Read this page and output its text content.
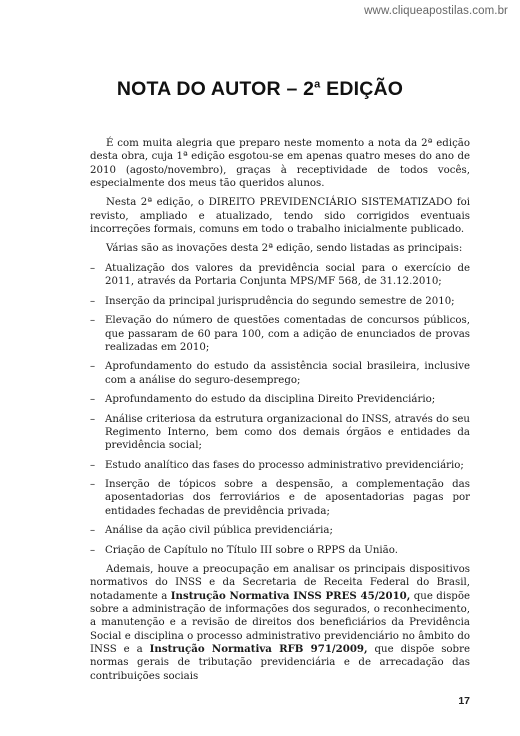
www.cliqueapostilas.com.br
NOTA DO AUTOR – 2$^a$ EDIÇÃO

É com muita alegria que preparo neste momento a nota da 2ª edição desta obra, cuja 1ª edição esgotou-se em apenas quatro meses do ano de 2010 (agosto/novembro), graças à receptividade de todos vocês, especialmente dos meus tão queridos alunos.

Nesta 2ª edição, o DIREITO PREVIDENCIÁRIO SISTEMATIZADO foi revisto, ampliado e atualizado, tendo sido corrigidos eventuais incorreções formais, comuns em todo o trabalho inicialmente publicado.

Várias são as inovações desta 2ª edição, sendo listadas as principais:

– Atualização dos valores da previdência social para o exercício de 2011, através da Portaria Conjunta MPS/MF 568, de 31.12.2010;
– Inserção da principal jurisprudência do segundo semestre de 2010;
– Elevação do número de questões comentadas de concursos públicos, que passaram de 60 para 100, com a adição de enunciados de provas realizadas em 2010;
– Aprofundamento do estudo da assistência social brasileira, inclusive com a análise do seguro-desemprego;
– Aprofundamento do estudo da disciplina Direito Previdenciário;
– Análise criteriosa da estrutura organizacional do INSS, através do seu Regimento Interno, bem como dos demais órgãos e entidades da previdência social;
– Estudo analítico das fases do processo administrativo previdenciário;
– Inserção de tópicos sobre a despensão, a complementação das aposentadorias dos ferroviários e de aposentadorias pagas por entidades fechadas de previdência privada;
– Análise da ação civil pública previdenciária;
– Criação de Capítulo no Título III sobre o RPPS da União.

Ademais, houve a preocupação em analisar os principais dispositivos normativos do INSS e da Secretaria de Receita Federal do Brasil, notadamente a Instrução Normativa INSS PRES 45/2010, que dispõe sobre a administração de informações dos segurados, o reconhecimento, a manutenção e a revisão de direitos dos beneficiários da Previdência Social e disciplina o processo administrativo previdenciário no âmbito do INSS e a Instrução Normativa RFB 971/2009, que dispõe sobre normas gerais de tributação previdenciária e de arrecadação das contribuições sociais

17
